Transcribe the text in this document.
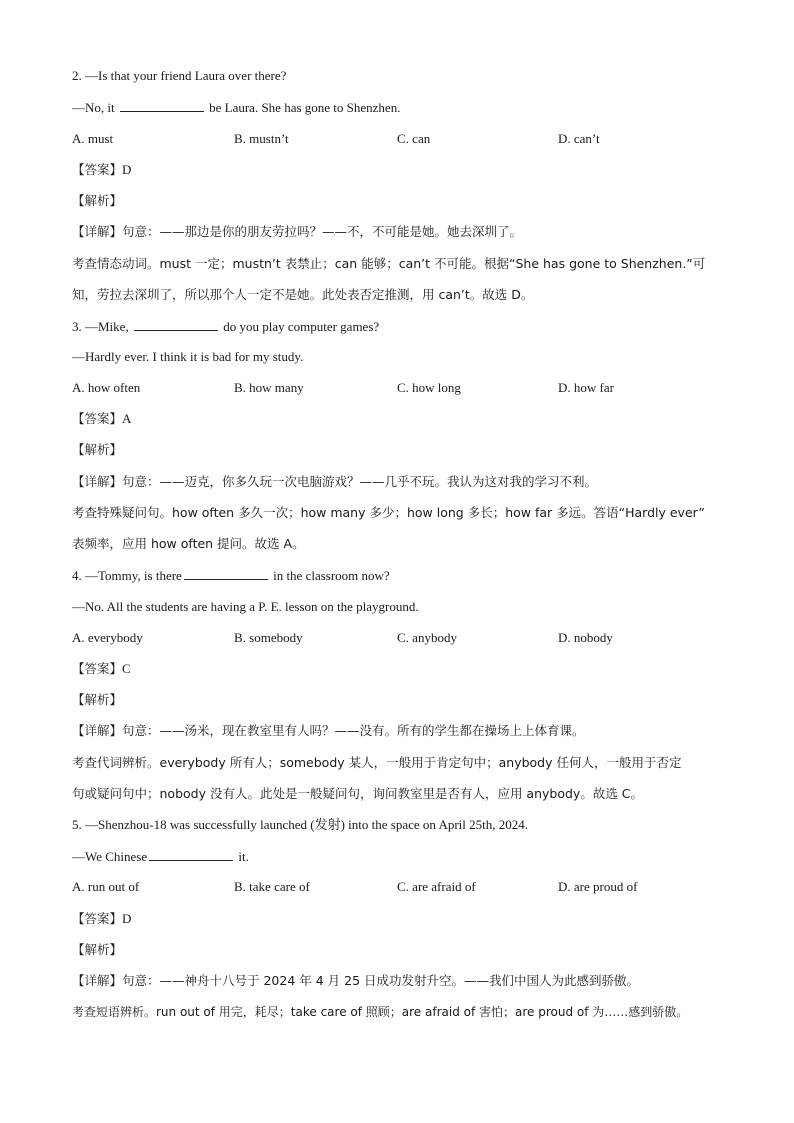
2. —Is that your friend Laura over there?
—No, it	be Laura. She has gone to Shenzhen.
A. must	B. mustn’t	C. can	D. can’t
【答案】D
【解析】
【详解】句意：——那边是你的朋友劳拉吗？——不，不可能是她。她去深圳了。
考查情态动词。must 一定；mustn’t 表禁止；can 能够；can’t 不可能。根据“She has gone to Shenzhen.”可
知，劳拉去深圳了，所以那个人一定不是她。此处表否定推测，用 can’t。故选 D。
3. —Mike,	do you play computer games?
—Hardly ever. I think it is bad for my study.
A. how often	B. how many	C. how long	D. how far
【答案】A
【解析】
【详解】句意：——迈克，你多久玩一次电脑游戏？——几乎不玩。我认为这对我的学习不利。
考查特殊疑问句。how often 多久一次；how many 多少；how long 多长；how far 多远。答语“Hardly ever”
表频率，应用 how often 提问。故选 A。
4. —Tommy, is there	in the classroom now?
—No. All the students are having a P. E. lesson on the playground.
A. everybody	B. somebody	C. anybody	D. nobody
【答案】C
【解析】
【详解】句意：——汤米，现在教室里有人吗？——没有。所有的学生都在操场上上体育课。
考查代词辨析。everybody 所有人；somebody 某人，一般用于肯定句中；anybody 任何人，一般用于否定
句或疑问句中；nobody 没有人。此处是一般疑问句，询问教室里是否有人，应用 anybody。故选 C。
5. —Shenzhou-18 was successfully launched (发射) into the space on April 25th, 2024.
—We Chinese	it.
A. run out of	B. take care of	C. are afraid of	D. are proud of
【答案】D
【解析】
【详解】句意：——神舟十八号于 2024 年 4 月 25 日成功发射升空。——我们中国人为此感到骄傲。
考查短语辨析。run out of 用完，耗尽；take care of 照顾；are afraid of 害怕；are proud of 为……感到骄傲。
